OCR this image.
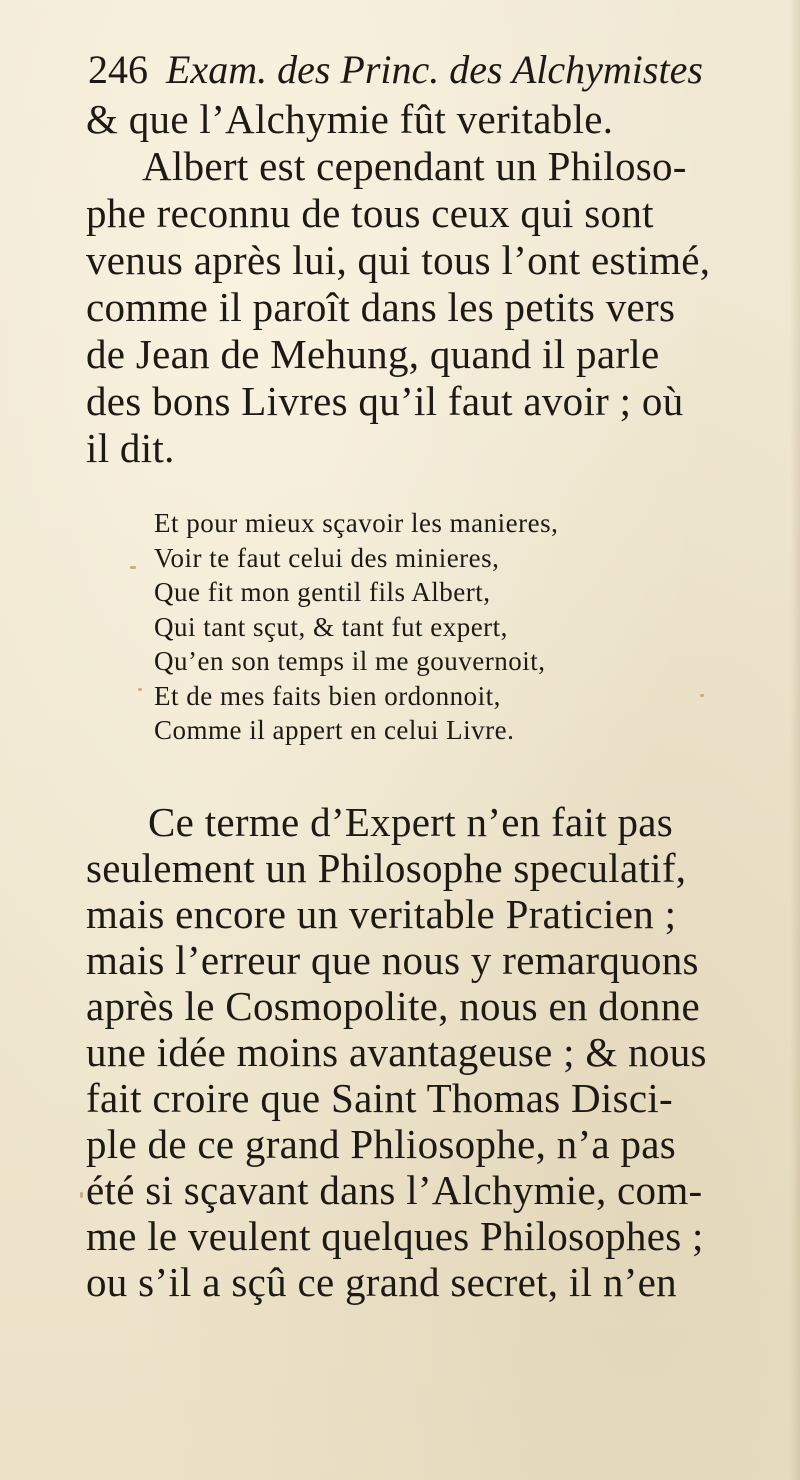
246 Exam. des Princ. des Alchymistes
& que l’Alchymie fût veritable.
Albert est cependant un Philoso-
phe reconnu de tous ceux qui sont
venus après lui, qui tous l’ont estimé,
comme il paroît dans les petits vers
de Jean de Mehung, quand il parle
des bons Livres qu’il faut avoir ; où
il dit.
Et pour mieux sçavoir les manieres,
Voir te faut celui des minieres,
Que fit mon gentil fils Albert,
Qui tant sçut, & tant fut expert,
Qu’en son temps il me gouvernoit,
Et de mes faits bien ordonnoit,
Comme il appert en celui Livre.
Ce terme d’Expert n’en fait pas
seulement un Philosophe speculatif,
mais encore un veritable Praticien ;
mais l’erreur que nous y remarquons
après le Cosmopolite, nous en donne
une idée moins avantageuse ; & nous
fait croire que Saint Thomas Disci-
ple de ce grand Phliosophe, n’a pas
été si sçavant dans l’Alchymie, com-
me le veulent quelques Philosophes ;
ou s’il a sçû ce grand secret, il n’en
